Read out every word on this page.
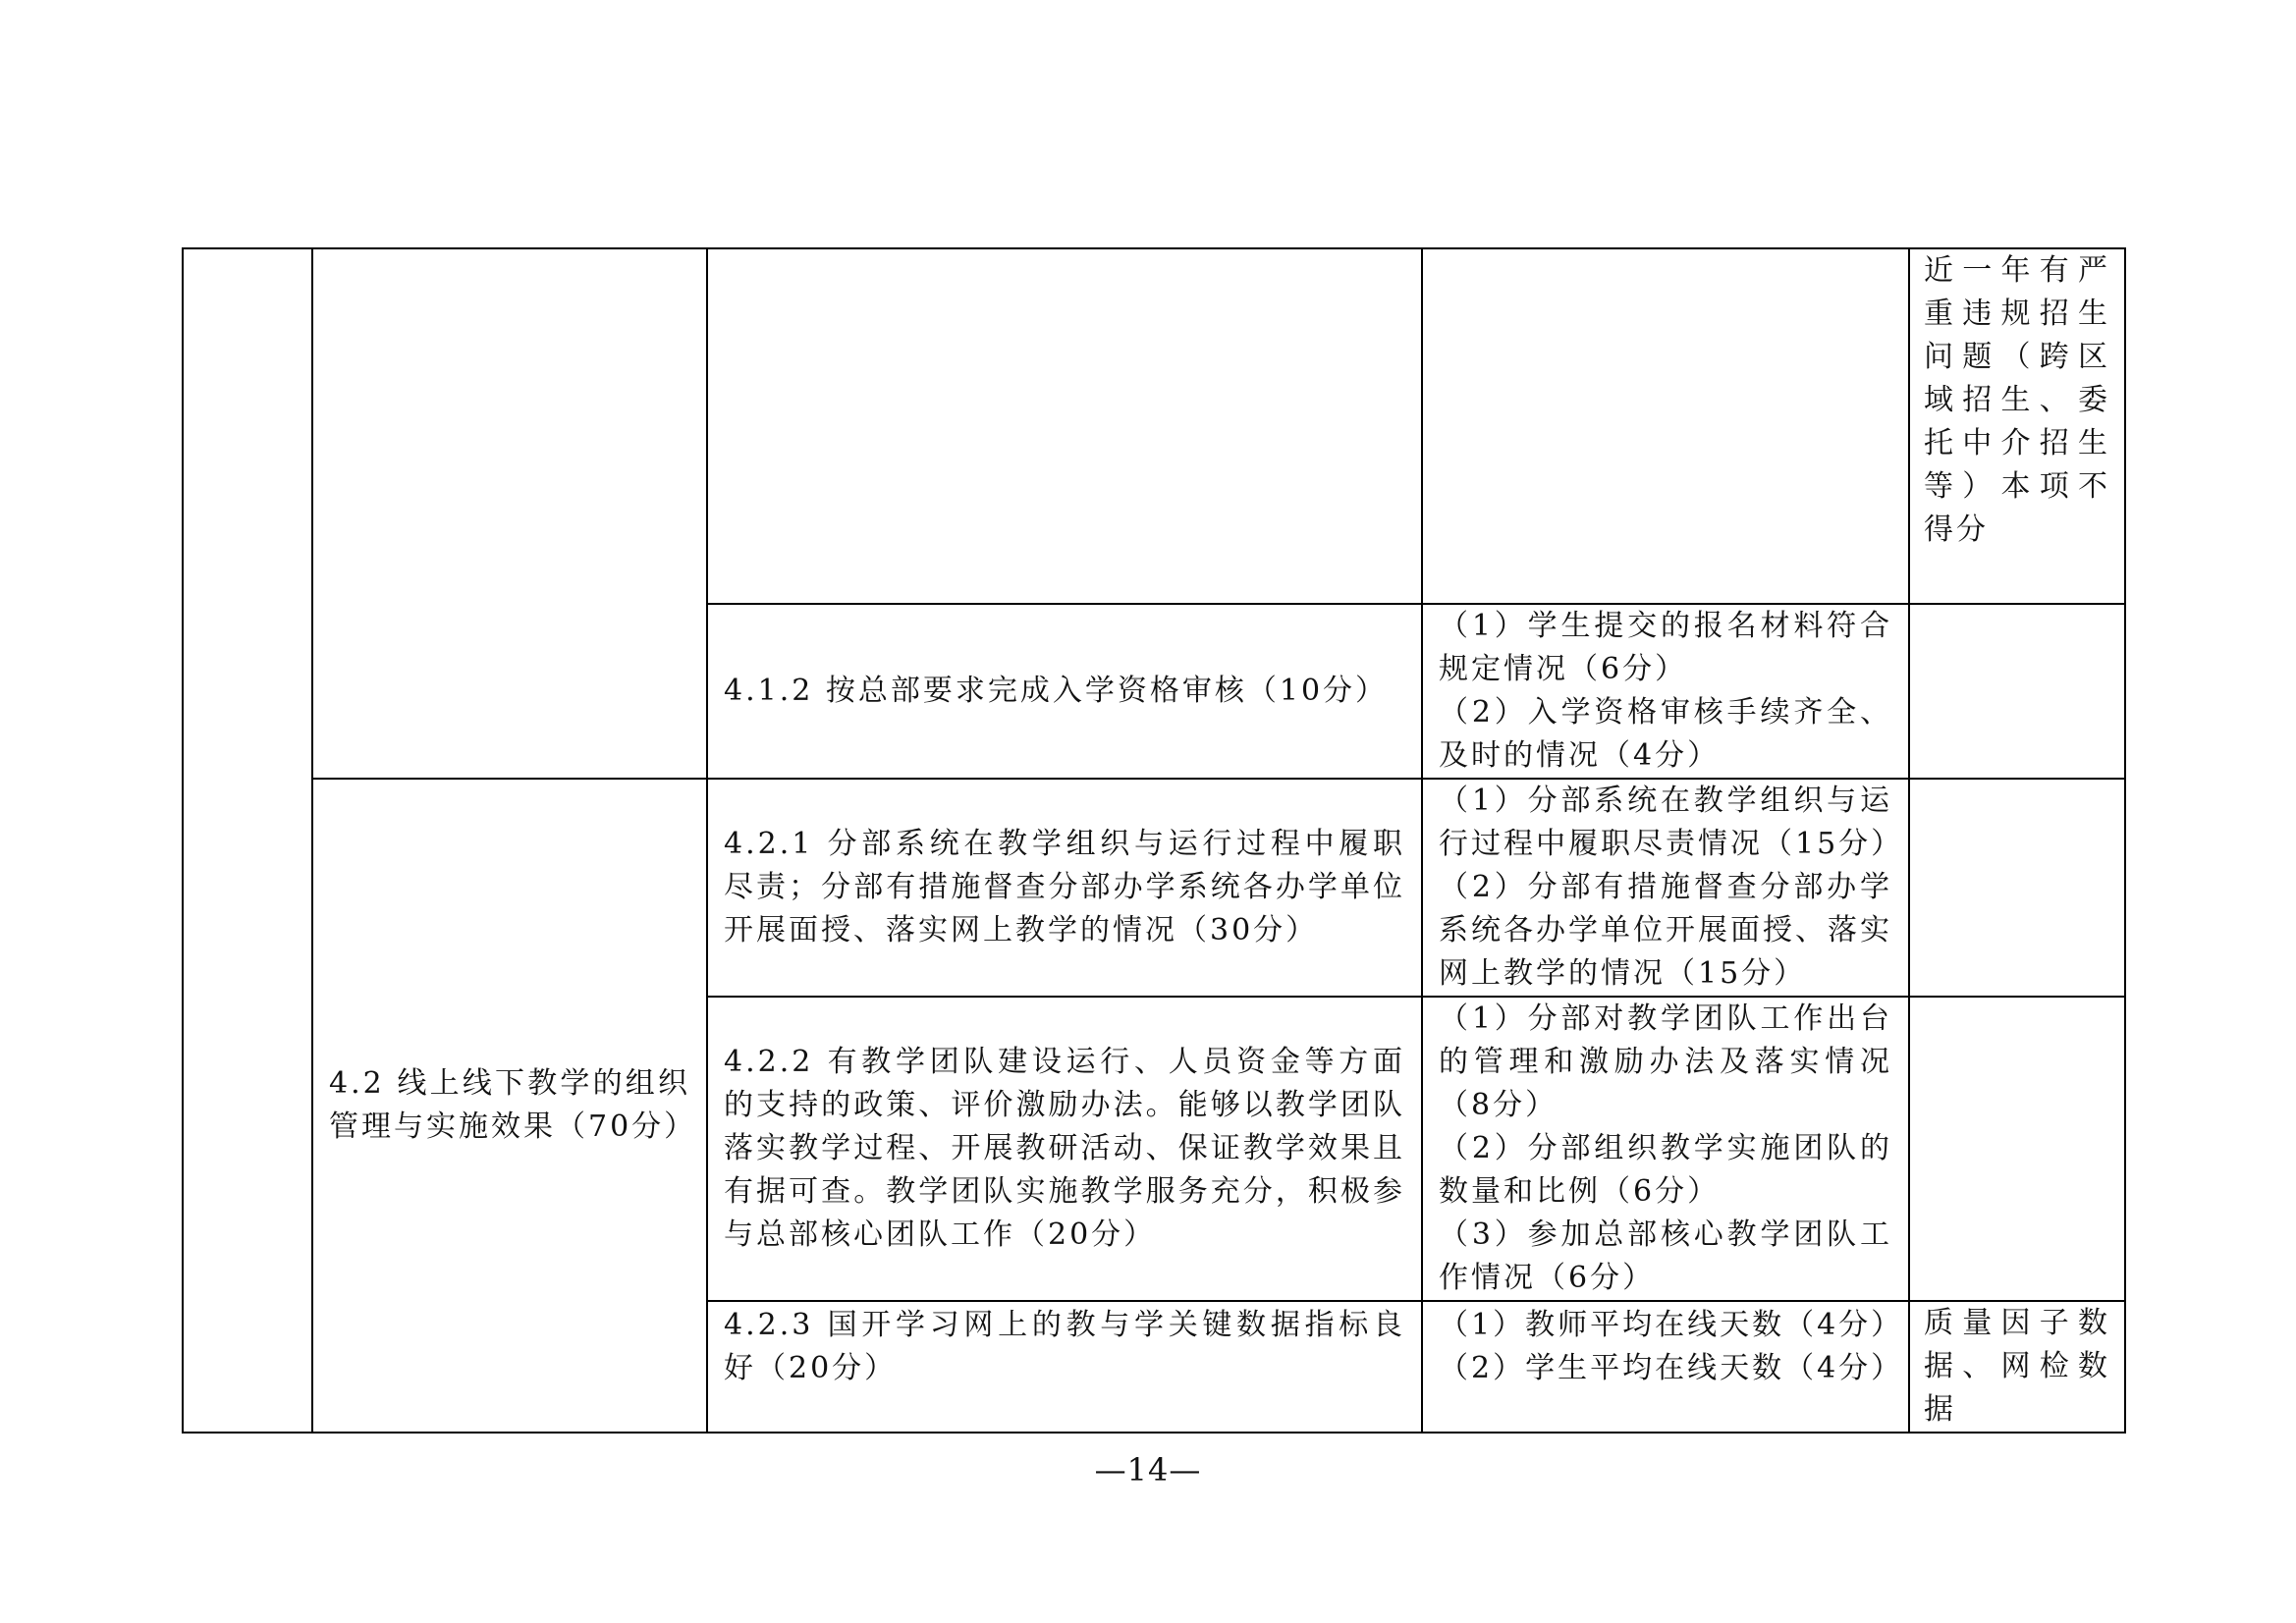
				近一年有严重违规招生问题（跨区域招生、委托中介招生等）本项不得分
		4.1.2 按总部要求完成入学资格审核（10分）	（1）学生提交的报名材料符合规定情况（6分）
（2）入学资格审核手续齐全、及时的情况（4分）	

	4.2 线上线下教学的组织管理与实施效果（70分）	4.2.1 分部系统在教学组织与运行过程中履职尽责；分部有措施督查分部办学系统各办学单位开展面授、落实网上教学的情况（30分）	（1）分部系统在教学组织与运行过程中履职尽责情况（15分）
（2）分部有措施督查分部办学系统各办学单位开展面授、落实网上教学的情况（15分）	

		4.2.2 有教学团队建设运行、人员资金等方面的支持的政策、评价激励办法。能够以教学团队落实教学过程、开展教研活动、保证教学效果且有据可查。教学团队实施教学服务充分，积极参与总部核心团队工作（20分）	（1）分部对教学团队工作出台的管理和激励办法及落实情况（8分）
（2）分部组织教学实施团队的数量和比例（6分）
（3）参加总部核心教学团队工作情况（6分）	

		4.2.3 国开学习网上的教与学关键数据指标良好（20分）	（1）教师平均在线天数（4分）
（2）学生平均在线天数（4分）	质量因子数据、网检数据
—14—
